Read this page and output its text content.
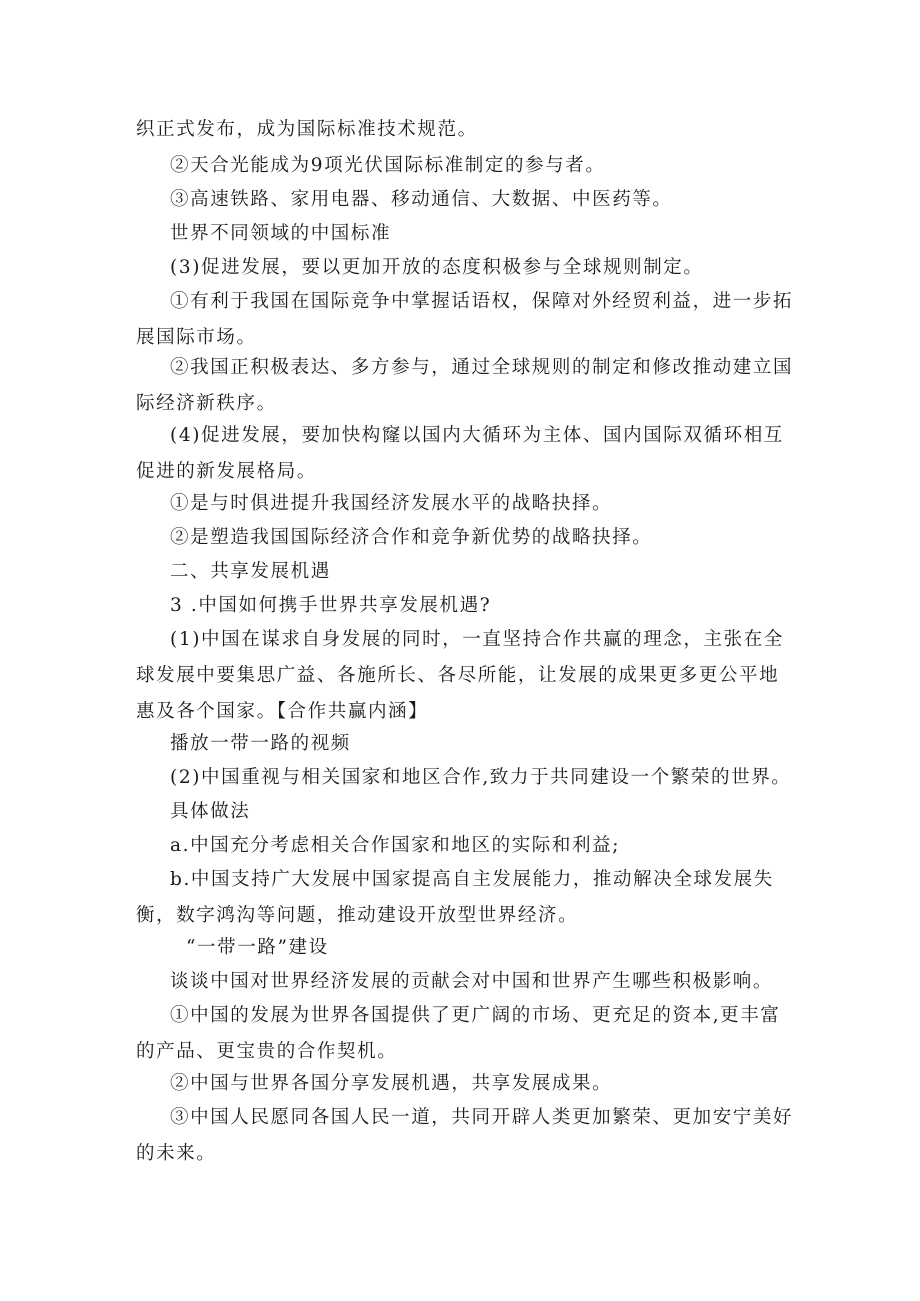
织正式发布，成为国际标准技术规范。

②天合光能成为9项光伏国际标准制定的参与者。

③高速铁路、家用电器、移动通信、大数据、中医药等。

世界不同领域的中国标准

(3)促进发展，要以更加开放的态度积极参与全球规则制定。

①有利于我国在国际竞争中掌握话语权，保障对外经贸利益，进一步拓展国际市场。

②我国正积极表达、多方参与，通过全球规则的制定和修改推动建立国际经济新秩序。

(4)促进发展，要加快构窿以国内大循环为主体、国内国际双循环相互促进的新发展格局。

①是与时俱进提升我国经济发展水平的战略抉择。

②是塑造我国国际经济合作和竞争新优势的战略抉择。

二、共享发展机遇

3 .中国如何携手世界共享发展机遇?

(1)中国在谋求自身发展的同时，一直坚持合作共赢的理念，主张在全球发展中要集思广益、各施所长、各尽所能，让发展的成果更多更公平地惠及各个国家。【合作共赢内涵】

播放一带一路的视频

(2)中国重视与相关国家和地区合作,致力于共同建设一个繁荣的世界。

具体做法

a.中国充分考虑相关合作国家和地区的实际和利益;

b.中国支持广大发展中国家提高自主发展能力，推动解决全球发展失衡，数字鸿沟等问题，推动建设开放型世界经济。

“一带一路”建设

谈谈中国对世界经济发展的贡献会对中国和世界产生哪些积极影响。

①中国的发展为世界各国提供了更广阔的市场、更充足的资本,更丰富的产品、更宝贵的合作契机。

②中国与世界各国分享发展机遇，共享发展成果。

③中国人民愿同各国人民一道，共同开辟人类更加繁荣、更加安宁美好的未来。
